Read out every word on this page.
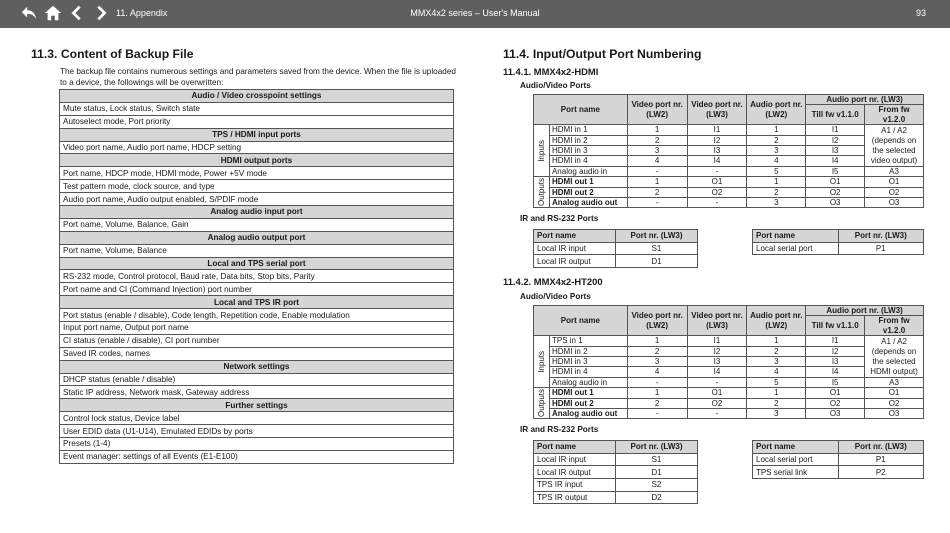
11. Appendix	MMX4x2 series – User's Manual	93
11.3. Content of Backup File
The backup file contains numerous settings and parameters saved from the device. When the file is uploaded to a device, the followings will be overwritten:
Audio / Video crosspoint settings
Mute status, Lock status, Switch state
Autoselect mode, Port priority
TPS / HDMI input ports
Video port name, Audio port name, HDCP setting
HDMI output ports
Port name, HDCP mode, HDMI mode, Power +5V mode
Test pattern mode, clock source, and type
Audio port name, Audio output enabled, S/PDIF mode
Analog audio input port
Port name, Volume, Balance, Gain
Analog audio output port
Port name, Volume, Balance
Local and TPS serial port
RS-232 mode, Control protocol, Baud rate, Data bits, Stop bits, Parity
Port name and CI (Command Injection) port number
Local and TPS IR port
Port status (enable / disable), Code length, Repetition code, Enable modulation
Input port name, Output port name
CI status (enable / disable), CI port number
Saved IR codes, names
Network settings
DHCP status (enable / disable)
Static IP address, Network mask, Gateway address
Further settings
Control lock status, Device label
User EDID data (U1-U14), Emulated EDIDs by ports
Presets (1-4)
Event manager: settings of all Events (E1-E100)
11.4. Input/Output Port Numbering
11.4.1. MMX4x2-HDMI
Audio/Video Ports
Port name		Video port nr. (LW2)	Video port nr. (LW3)	Audio port nr. (LW2)	Audio port nr. (LW3)	
					Till fw v1.1.0	From fw v1.2.0

Inputs	HDMI in 1	1	I1	1	I1	A1 / A2 (depends on the selected video output)
	HDMI in 2	2	I2	2	I2	
	HDMI in 3	3	I3	3	I3	
	HDMI in 4	4	I4	4	I4	
	Analog audio in	-	-	5	I5	A3

Outputs	HDMI out 1	1	O1	1	O1	O1
	HDMI out 2	2	O2	2	O2	O2
	Analog audio out	-	-	3	O3	O3
IR and RS-232 Ports
Port name	Port nr. (LW3)
Local IR input	S1
Local IR output	D1
Port name	Port nr. (LW3)
Local serial port	P1
11.4.2. MMX4x2-HT200
Audio/Video Ports
Port name		Video port nr. (LW2)	Video port nr. (LW3)	Audio port nr. (LW2)	Audio port nr. (LW3)	
					Till fw v1.1.0	From fw v1.2.0

Inputs	TPS in 1	1	I1	1	I1	A1 / A2 (depends on the selected HDMI output)
	HDMI in 2	2	I2	2	I2	
	HDMI in 3	3	I3	3	I3	
	HDMI in 4	4	I4	4	I4	
	Analog audio in	-	-	5	I5	A3

Outputs	HDMI out 1	1	O1	1	O1	O1
	HDMI out 2	2	O2	2	O2	O2
	Analog audio out	-	-	3	O3	O3
IR and RS-232 Ports
Port name	Port nr. (LW3)
Local IR input	S1
Local IR output	D1
TPS IR input	S2
TPS IR output	D2
Port name	Port nr. (LW3)
Local serial port	P1
TPS serial link	P2
